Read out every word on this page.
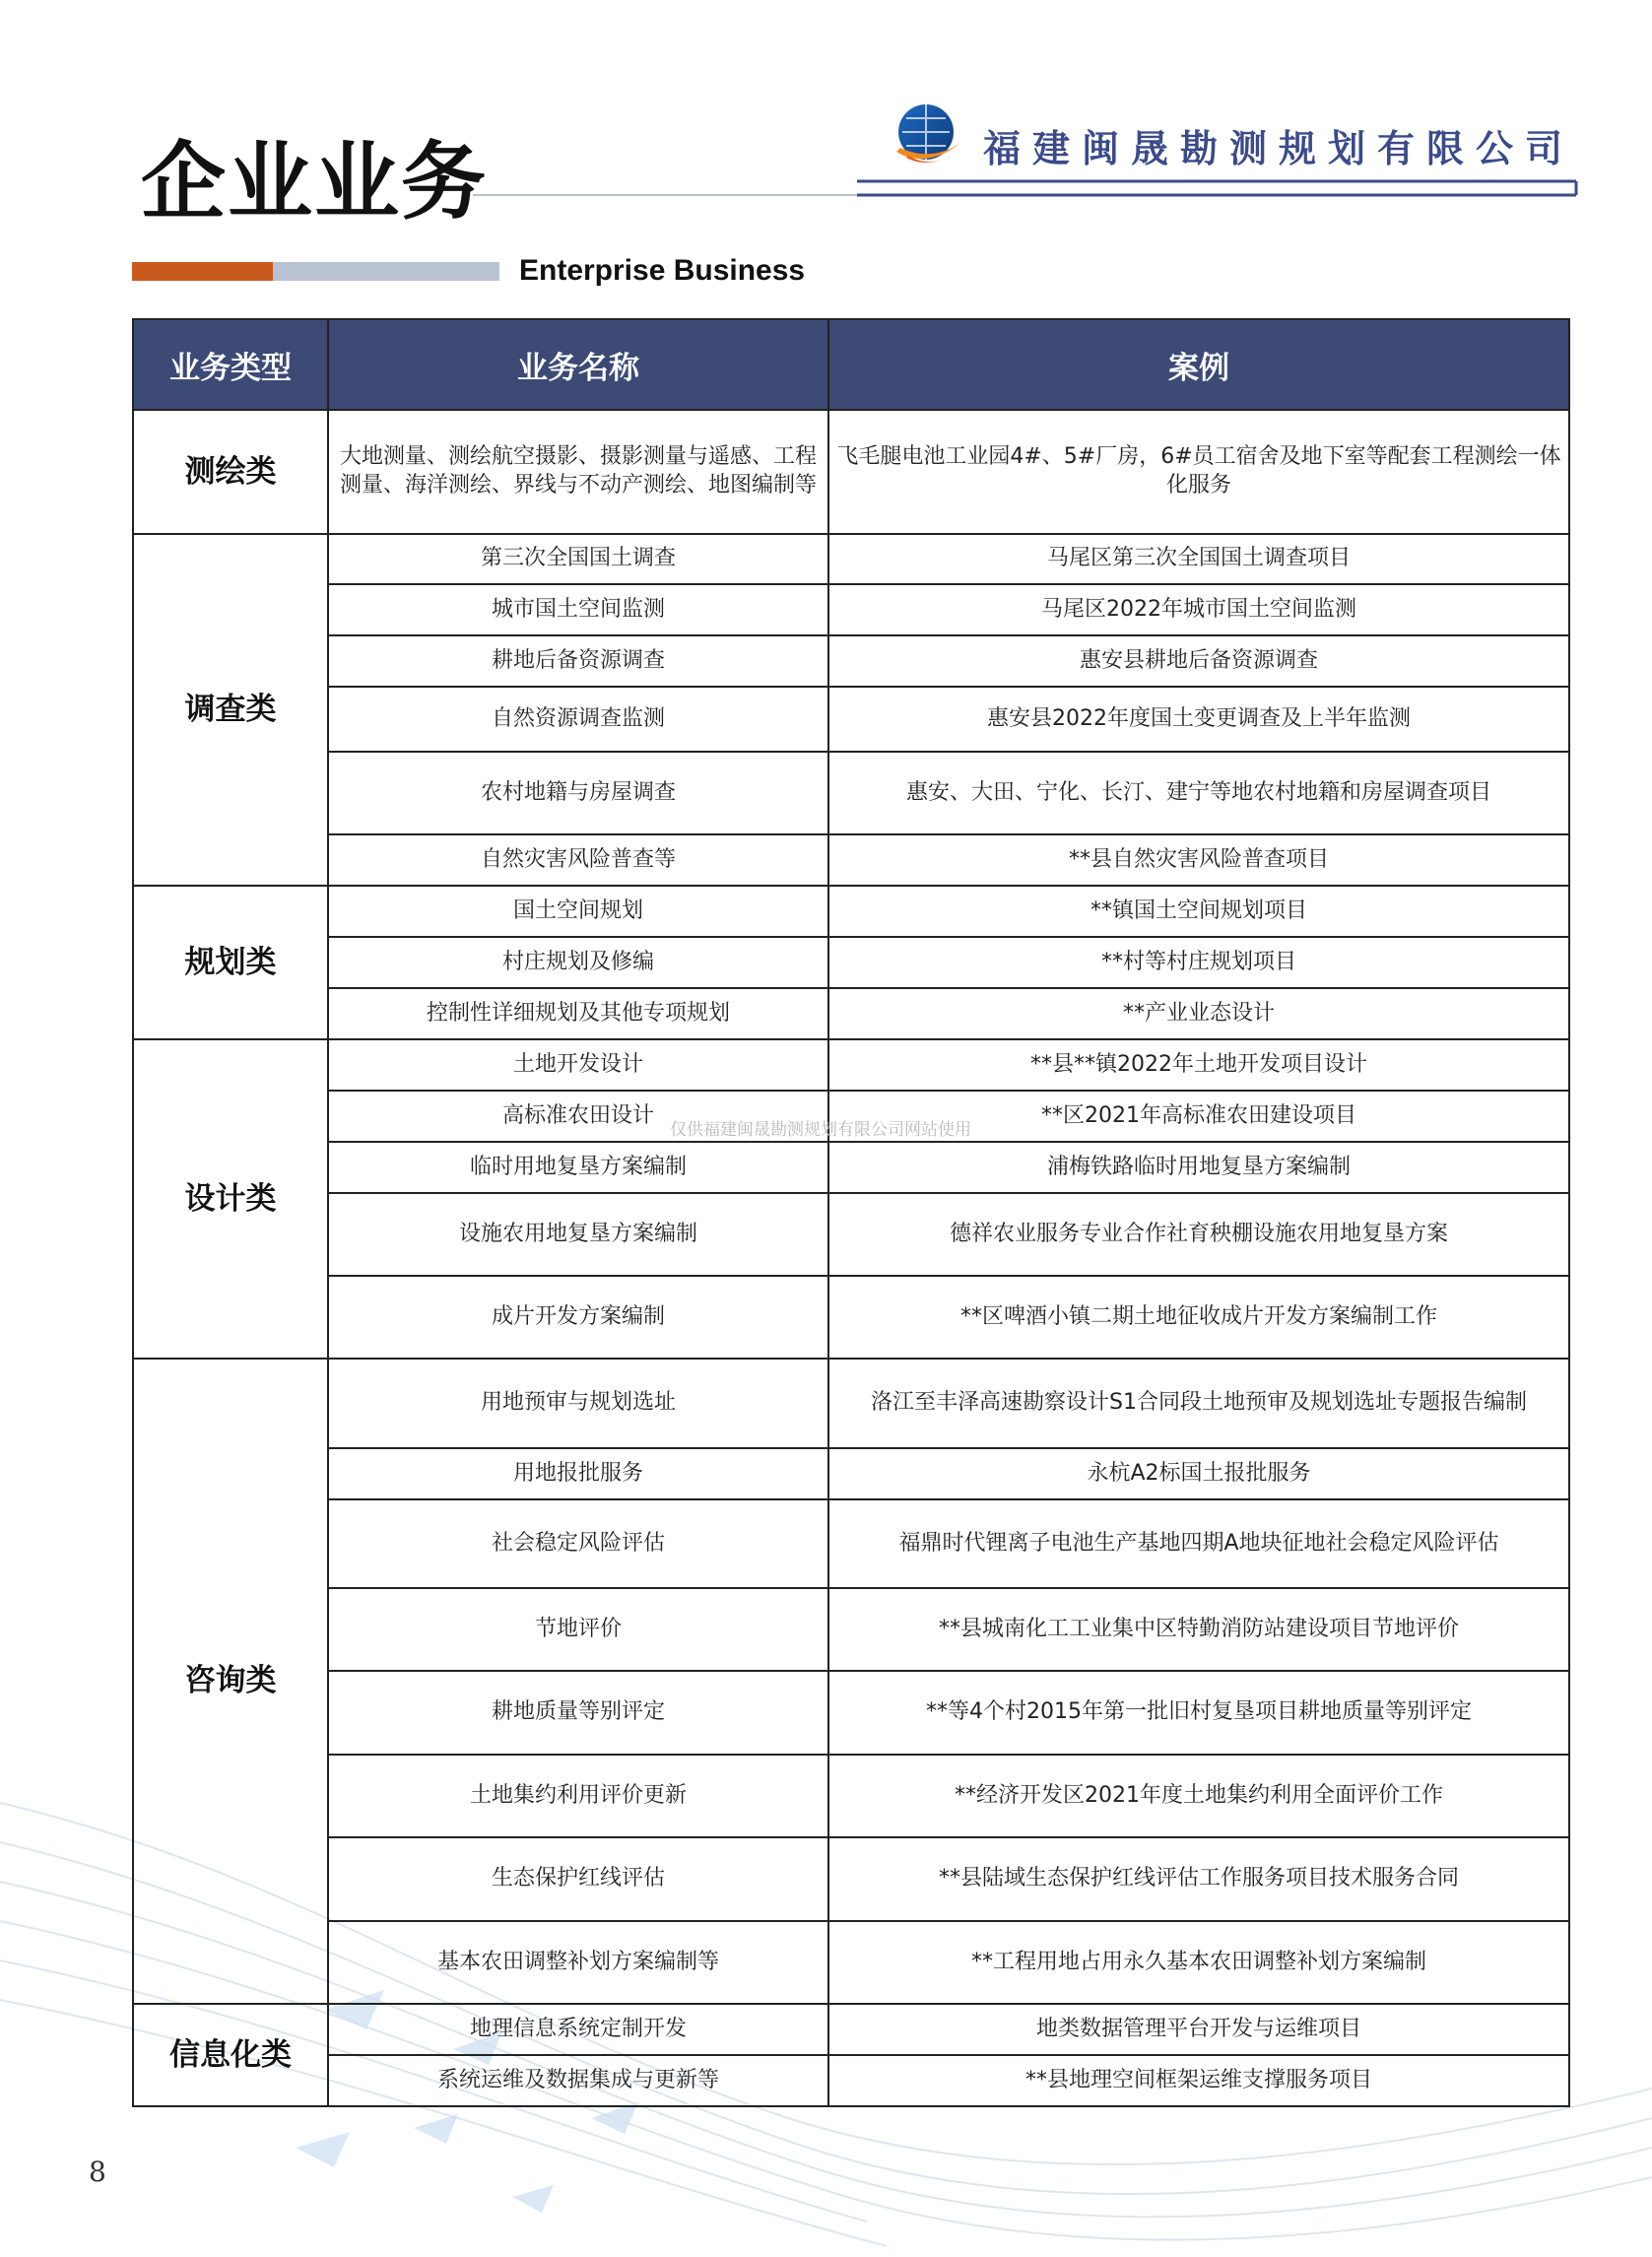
福建闽晟勘测规划有限公司
企业业务
Enterprise Business
业务类型	业务名称	案例
测绘类	大地测量、测绘航空摄影、摄影测量与遥感、工程测量、海洋测绘、界线与不动产测绘、地图编制等	飞毛腿电池工业园4#、5#厂房，6#员工宿舍及地下室等配套工程测绘一体化服务
调查类	第三次全国国土调查	马尾区第三次全国国土调查项目
	城市国土空间监测	马尾区2022年城市国土空间监测
	耕地后备资源调查	惠安县耕地后备资源调查
	自然资源调查监测	惠安县2022年度国土变更调查及上半年监测
	农村地籍与房屋调查	惠安、大田、宁化、长汀、建宁等地农村地籍和房屋调查项目
	自然灾害风险普查等	**县自然灾害风险普查项目
规划类	国土空间规划	**镇国土空间规划项目
	村庄规划及修编	**村等村庄规划项目
	控制性详细规划及其他专项规划	**产业业态设计
设计类	土地开发设计	**县**镇2022年土地开发项目设计
	高标准农田设计	**区2021年高标准农田建设项目
	临时用地复垦方案编制	浦梅铁路临时用地复垦方案编制
	设施农用地复垦方案编制	德祥农业服务专业合作社育秧棚设施农用地复垦方案
	成片开发方案编制	**区啤酒小镇二期土地征收成片开发方案编制工作
咨询类	用地预审与规划选址	洛江至丰泽高速勘察设计S1合同段土地预审及规划选址专题报告编制
	用地报批服务	永杭A2标国土报批服务
	社会稳定风险评估	福鼎时代锂离子电池生产基地四期A地块征地社会稳定风险评估
	节地评价	**县城南化工工业集中区特勤消防站建设项目节地评价
	耕地质量等别评定	**等4个村2015年第一批旧村复垦项目耕地质量等别评定
	土地集约利用评价更新	**经济开发区2021年度土地集约利用全面评价工作
	生态保护红线评估	**县陆域生态保护红线评估工作服务项目技术服务合同
	基本农田调整补划方案编制等	**工程用地占用永久基本农田调整补划方案编制
信息化类	地理信息系统定制开发	地类数据管理平台开发与运维项目
	系统运维及数据集成与更新等	**县地理空间框架运维支撑服务项目
仅供福建闽晟勘测规划有限公司网站使用
8
